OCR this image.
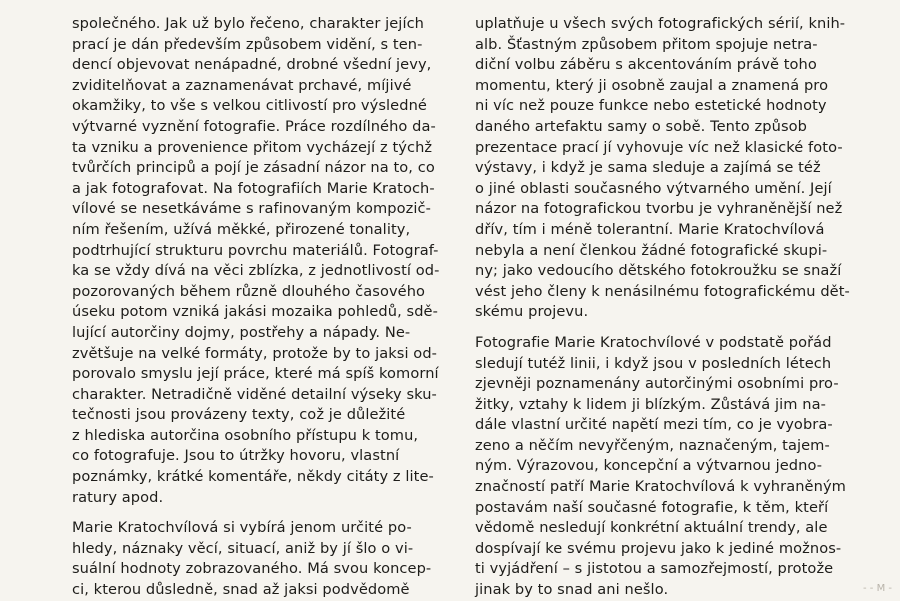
společného. Jak už bylo řečeno, charakter jejích
prací je dán především způsobem vidění, s ten-
dencí objevovat nenápadné, drobné všední jevy,
zviditelňovat a zaznamenávat prchavé, míjivé
okamžiky, to vše s velkou citlivostí pro výsledné
výtvarné vyznění fotografie. Práce rozdílného da-
ta vzniku a provenience přitom vycházejí z týchž
tvůrčích principů a pojí je zásadní názor na to, co
a jak fotografovat. Na fotografiích Marie Kratoch-
vílové se nesetkáváme s rafinovaným kompozič-
ním řešením, užívá měkké, přirozené tonality,
podtrhující strukturu povrchu materiálů. Fotograf-
ka se vždy dívá na věci zblízka, z jednotlivostí od-
pozorovaných během různě dlouhého časového
úseku potom vzniká jakási mozaika pohledů, sdě-
lující autorčiny dojmy, postřehy a nápady. Ne-
zvětšuje na velké formáty, protože by to jaksi od-
porovalo smyslu její práce, které má spíš komorní
charakter. Netradičně viděné detailní výseky sku-
tečnosti jsou provázeny texty, což je důležité
z hlediska autorčina osobního přístupu k tomu,
co fotografuje. Jsou to útržky hovoru, vlastní
poznámky, krátké komentáře, někdy citáty z lite-
ratury apod.
Marie Kratochvílová si vybírá jenom určité po-
hledy, náznaky věcí, situací, aniž by jí šlo o vi-
suální hodnoty zobrazovaného. Má svou koncep-
ci, kterou důsledně, snad až jaksi podvědomě
uplatňuje u všech svých fotografických sérií, knih-
alb. Šťastným způsobem přitom spojuje netra-
diční volbu záběru s akcentováním právě toho
momentu, který ji osobně zaujal a znamená pro
ni víc než pouze funkce nebo estetické hodnoty
daného artefaktu samy o sobě. Tento způsob
prezentace prací jí vyhovuje víc než klasické foto-
výstavy, i když je sama sleduje a zajímá se též
o jiné oblasti současného výtvarného umění. Její
názor na fotografickou tvorbu je vyhraněnější než
dřív, tím i méně tolerantní. Marie Kratochvílová
nebyla a není členkou žádné fotografické skupi-
ny; jako vedoucího dětského fotokroužku se snaží
vést jeho členy k nenásilnému fotografickému dět-
skému projevu.
Fotografie Marie Kratochvílové v podstatě pořád
sledují tutéž linii, i když jsou v posledních létech
zjevněji poznamenány autorčinými osobními pro-
žitky, vztahy k lidem ji blízkým. Zůstává jim na-
dále vlastní určité napětí mezi tím, co je vyobra-
zeno a něčím nevyřčeným, naznačeným, tajem-
ným. Výrazovou, koncepční a výtvarnou jedno-
značností patří Marie Kratochvílová k vyhraněným
postavám naší současné fotografie, k těm, kteří
vědomě nesledují konkrétní aktuální trendy, ale
dospívají ke svému projevu jako k jediné možnos-
ti vyjádření – s jistotou a samozřejmostí, protože
jinak by to snad ani nešlo.	- - M -
